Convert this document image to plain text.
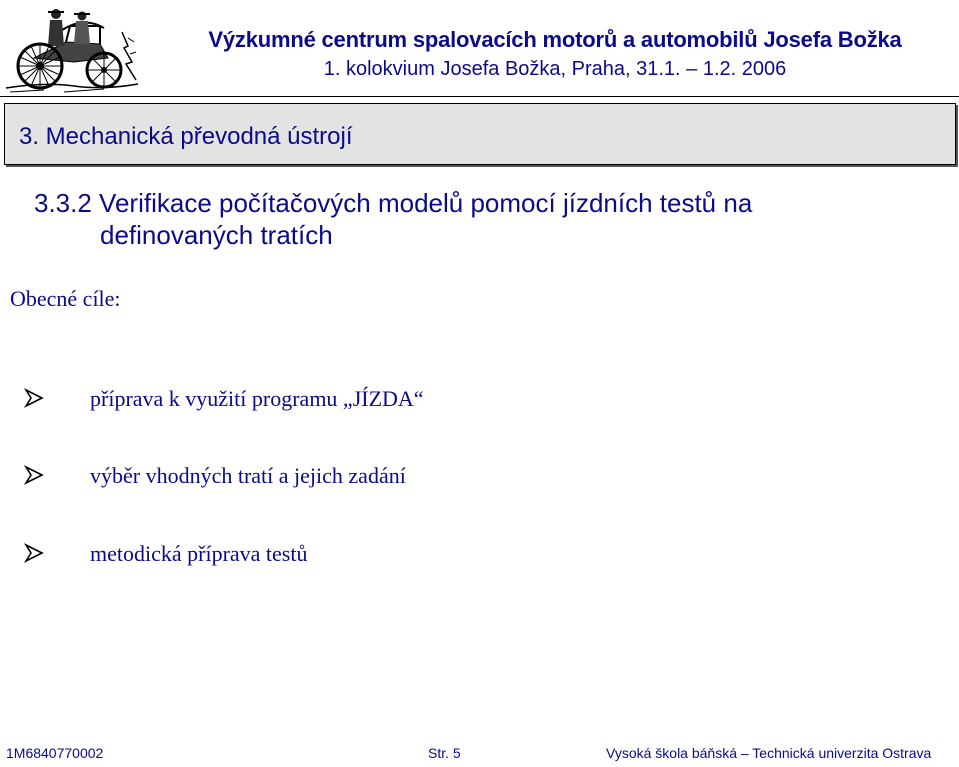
Výzkumné centrum spalovacích motorů a automobilů Josefa Božka
1. kolokvium Josefa Božka, Praha, 31.1. – 1.2. 2006
3. Mechanická převodná ústrojí
3.3.2 Verifikace počítačových modelů pomocí jízdních testů na
definovaných tratích
Obecné cíle:
příprava k využití programu „JÍZDA“
výběr vhodných tratí a jejich zadání
metodická příprava testů
1M6840770002	Str. 5	Vysoká škola báňská – Technická univerzita Ostrava
